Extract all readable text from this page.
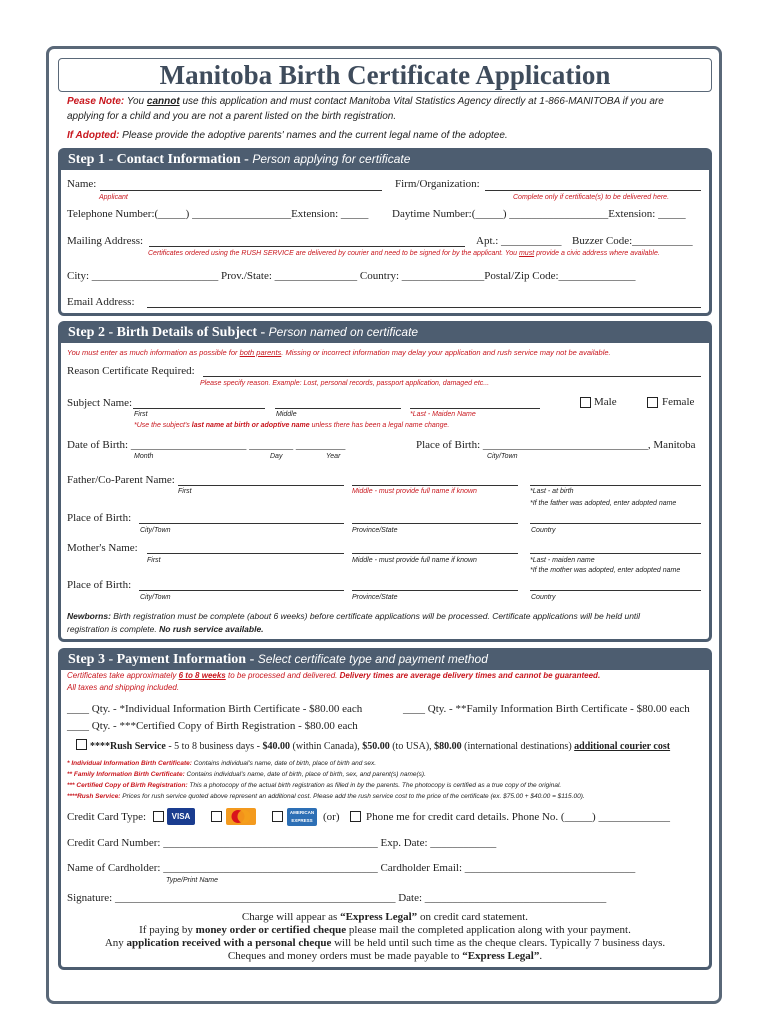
Manitoba Birth Certificate Application
Pease Note: You cannot use this application and must contact Manitoba Vital Statistics Agency directly at 1-866-MANITOBA if you are
applying for a child and you are not a parent listed on the birth registration.
If Adopted: Please provide the adoptive parents' names and the current legal name of the adoptee.
Step 1 - Contact Information - Person applying for certificate
Name:
Applicant
Firm/Organization:
Complete only if certificate(s) to be delivered here.
Telephone Number:(_____) __________________Extension: _____ Daytime Number:(_____) __________________Extension: _____
Mailing Address:	Apt.: ___________ Buzzer Code:___________
Certificates ordered using the RUSH SERVICE are delivered by courier and need to be signed for by the applicant. You must provide a civic address where available.
City: _______________________ Prov./State: _______________ Country: _______________Postal/Zip Code:______________
Email Address:
Step 2 - Birth Details of Subject - Person named on certificate
You must enter as much information as possible for both parents. Missing or incorrect information may delay your application and rush service may not be available.
Reason Certificate Required:
Please specify reason. Example: Lost, personal records, passport application, damaged etc...
Subject Name:
First	Middle	*Last - Maiden Name
*Use the subject's last name at birth or adoptive name unless there has been a legal name change.
Male	Female
Date of Birth: _____________________ ________ _________
Month	Day	Year
Place of Birth: ______________________________, Manitoba
City/Town
Father/Co-Parent Name:
First	Middle - must provide full name if known	*Last - at birth
*If the father was adopted, enter adopted name
Place of Birth:
City/Town	Province/State	Country
Mother's Name:
First	Middle - must provide full name if known	*Last - maiden name
*If the mother was adopted, enter adopted name
Place of Birth:
City/Town	Province/State	Country
Newborns: Birth registration must be complete (about 6 weeks) before certificate applications will be processed. Certificate applications will be held until
registration is complete. No rush service available.
Step 3 - Payment Information - Select certificate type and payment method
Certificates take approximately 6 to 8 weeks to be processed and delivered. Delivery times are average delivery times and cannot be guaranteed.
All taxes and shipping included.
____ Qty. - *Individual Information Birth Certificate - $80.00 each	____ Qty. - **Family Information Birth Certificate - $80.00 each
____ Qty. - ***Certified Copy of Birth Registration - $80.00 each
****Rush Service - 5 to 8 business days - $40.00 (within Canada), $50.00 (to USA), $80.00 (international destinations) additional courier cost
* Individual Information Birth Certificate: Contains individual's name, date of birth, place of birth and sex.
** Family Information Birth Certificate: Contains individual's name, date of birth, place of birth, sex, and parent(s) name(s).
*** Certified Copy of Birth Registration: This a photocopy of the actual birth registration as filled in by the parents. The photocopy is certified as a true copy of the original.
****Rush Service: Prices for rush service quoted above represent an additional cost. Please add the rush service cost to the price of the certificate (ex. $75.00 + $40.00 = $115.00).
Credit Card Type:	VISA	AMERICAN EXPRESS (or) Phone me for credit card details. Phone No. (_____) _____________
Credit Card Number: _______________________________________ Exp. Date: ____________
Name of Cardholder: _______________________________________ Cardholder Email: _______________________________
Type/Print Name
Signature: ___________________________________________________ Date: _________________________________
Charge will appear as “Express Legal” on credit card statement.
If paying by money order or certified cheque please mail the completed application along with your payment.
Any application received with a personal cheque will be held until such time as the cheque clears. Typically 7 business days.
Cheques and money orders must be made payable to “Express Legal”.
